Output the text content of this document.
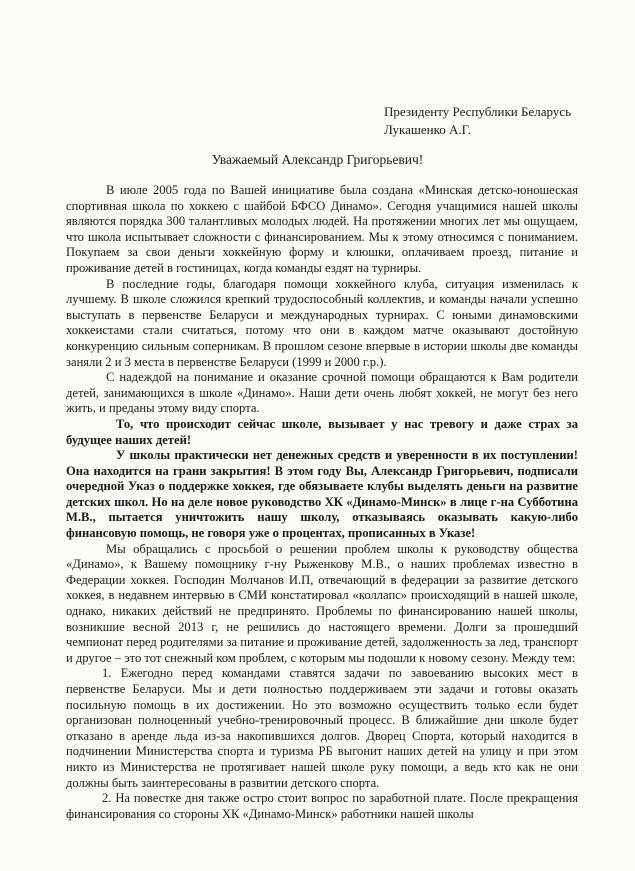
Президенту Республики Беларусь
Лукашенко А.Г.
Уважаемый Александр Григорьевич!

В июле 2005 года по Вашей инициативе была создана «Минская детско-юношеская спортивная школа по хоккею с шайбой БФСО Динамо». Сегодня учащимися нашей школы являются порядка 300 талантливых молодых людей. На протяжении многих лет мы ощущаем, что школа испытывает сложности с финансированием. Мы к этому относимся с пониманием. Покупаем за свои деньги хоккейную форму и клюшки, оплачиваем проезд, питание и проживание детей в гостиницах, когда команды ездят на турниры.

В последние годы, благодаря помощи хоккейного клуба, ситуация изменилась к лучшему. В школе сложился крепкий трудоспособный коллектив, и команды начали успешно выступать в первенстве Беларуси и международных турнирах. С юными динамовскими хоккеистами стали считаться, потому что они в каждом матче оказывают достойную конкуренцию сильным соперникам. В прошлом сезоне впервые в истории школы две команды заняли 2 и 3 места в первенстве Беларуси (1999 и 2000 г.р.).

С надеждой на понимание и оказание срочной помощи обращаются к Вам родители детей, занимающихся в школе «Динамо». Наши дети очень любят хоккей, не могут без него жить, и преданы этому виду спорта.

То, что происходит сейчас школе, вызывает у нас тревогу и даже страх за будущее наших детей!

У школы практически нет денежных средств и уверенности в их поступлении! Она находится на грани закрытия! В этом году Вы, Александр Григорьевич, подписали очередной Указ о поддержке хоккея, где обязываете клубы выделять деньги на развитие детских школ. Но на деле новое руководство ХК «Динамо-Минск» в лице г-на Субботина М.В., пытается уничтожить нашу школу, отказываясь оказывать какую-либо финансовую помощь, не говоря уже о процентах, прописанных в Указе!

Мы обращались с просьбой о решении проблем школы к руководству общества «Динамо», к Вашему помощнику г-ну Рыженкову М.В., о наших проблемах известно в Федерации хоккея. Господин Молчанов И.П, отвечающий в федерации за развитие детского хоккея, в недавнем интервью в СМИ констатировал «коллапс» происходящий в нашей школе, однако, никаких действий не предпринято. Проблемы по финансированию нашей школы, возникшие весной 2013 г, не решились до настоящего времени. Долги за прошедший чемпионат перед родителями за питание и проживание детей, задолженность за лед, транспорт и другое – это тот снежный ком проблем, с которым мы подошли к новому сезону. Между тем:

1. Ежегодно перед командами ставятся задачи по завоеванию высоких мест в первенстве Беларуси. Мы и дети полностью поддерживаем эти задачи и готовы оказать посильную помощь в их достижении. Но это возможно осуществить только если будет организован полноценный учебно-тренировочный процесс. В ближайшие дни школе будет отказано в аренде льда из-за накопившихся долгов. Дворец Спорта, который находится в подчинении Министерства спорта и туризма РБ выгонит наших детей на улицу и при этом никто из Министерства не протягивает нашей школе руку помощи, а ведь кто как не они должны быть заинтересованы в развитии детского спорта.

2. На повестке дня также остро стоит вопрос по заработной плате. После прекращения финансирования со стороны ХК «Динамо-Минск» работники нашей школы
